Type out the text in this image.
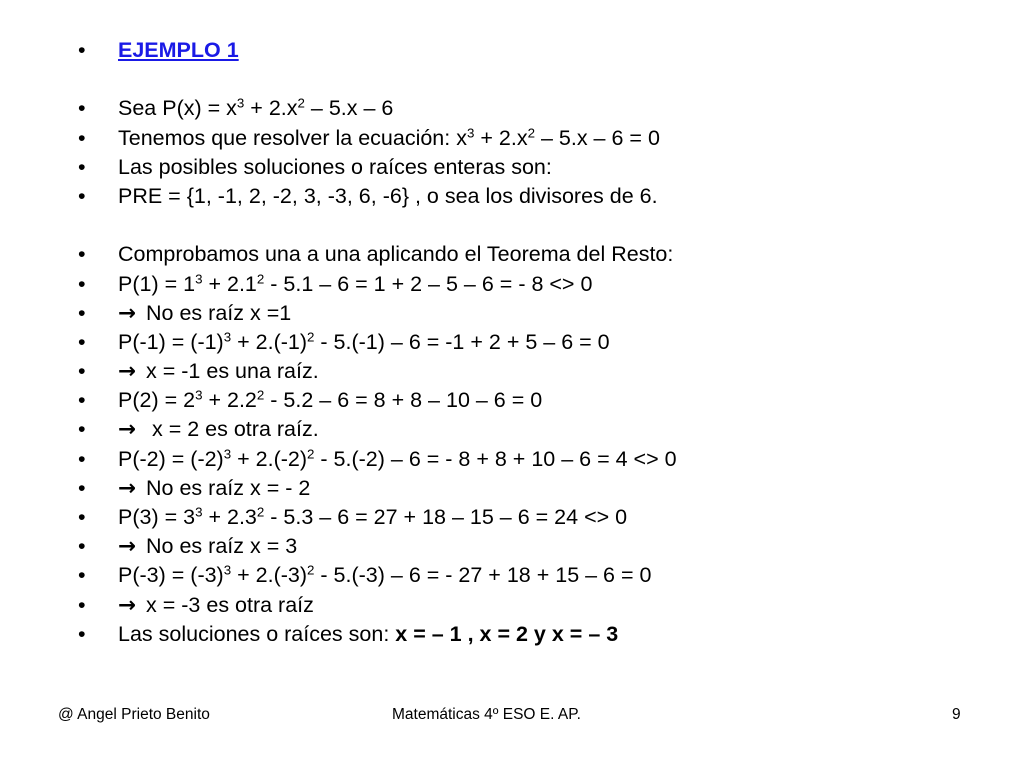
• EJEMPLO 1
• Sea $P(x) = x^3 + 2.x^2 - 5.x - 6$
• Tenemos que resolver la ecuación: $x^3 + 2.x^2 - 5.x - 6 = 0$
• Las posibles soluciones o raíces enteras son:
• PRE = {1, -1, 2, -2, 3, -3, 6, -6} , o sea los divisores de 6.
• Comprobamos una a una aplicando el Teorema del Resto:
• $P(1) = 1^3 + 2.1^2 - 5.1 - 6 = 1 + 2 - 5 - 6$ = - 8 <> 0
• → No es raíz x =1
• $P(-1) = (-1)^3 + 2.(-1)^2 - 5.(-1) - 6 = -1 + 2 + 5 - 6 = 0$
• → x = -1 es una raíz.
• $P(2) = 2^3 + 2.2^2 - 5.2 - 6 = 8 + 8 - 10 - 6 = 0$
• → x = 2 es otra raíz.
• $P(-2) = (-2)^3 + 2.(-2)^2 - 5.(-2) - 6$ = - 8 + 8 + 10 – 6 = 4 <> 0
• → No es raíz x = - 2
• $P(3) = 3^3 + 2.3^2 - 5.3 - 6 = 27 + 18 - 15 - 6 = 24 <> 0$
• → No es raíz x = 3
• $P(-3) = (-3)^3 + 2.(-3)^2 - 5.(-3) - 6$ = - 27 + 18 + 15 – 6 = 0
• → x = -3 es otra raíz
• Las soluciones o raíces son: x = – 1 , x = 2 y x = – 3
@ Angel Prieto Benito	Matemáticas 4º ESO E. AP.	9
